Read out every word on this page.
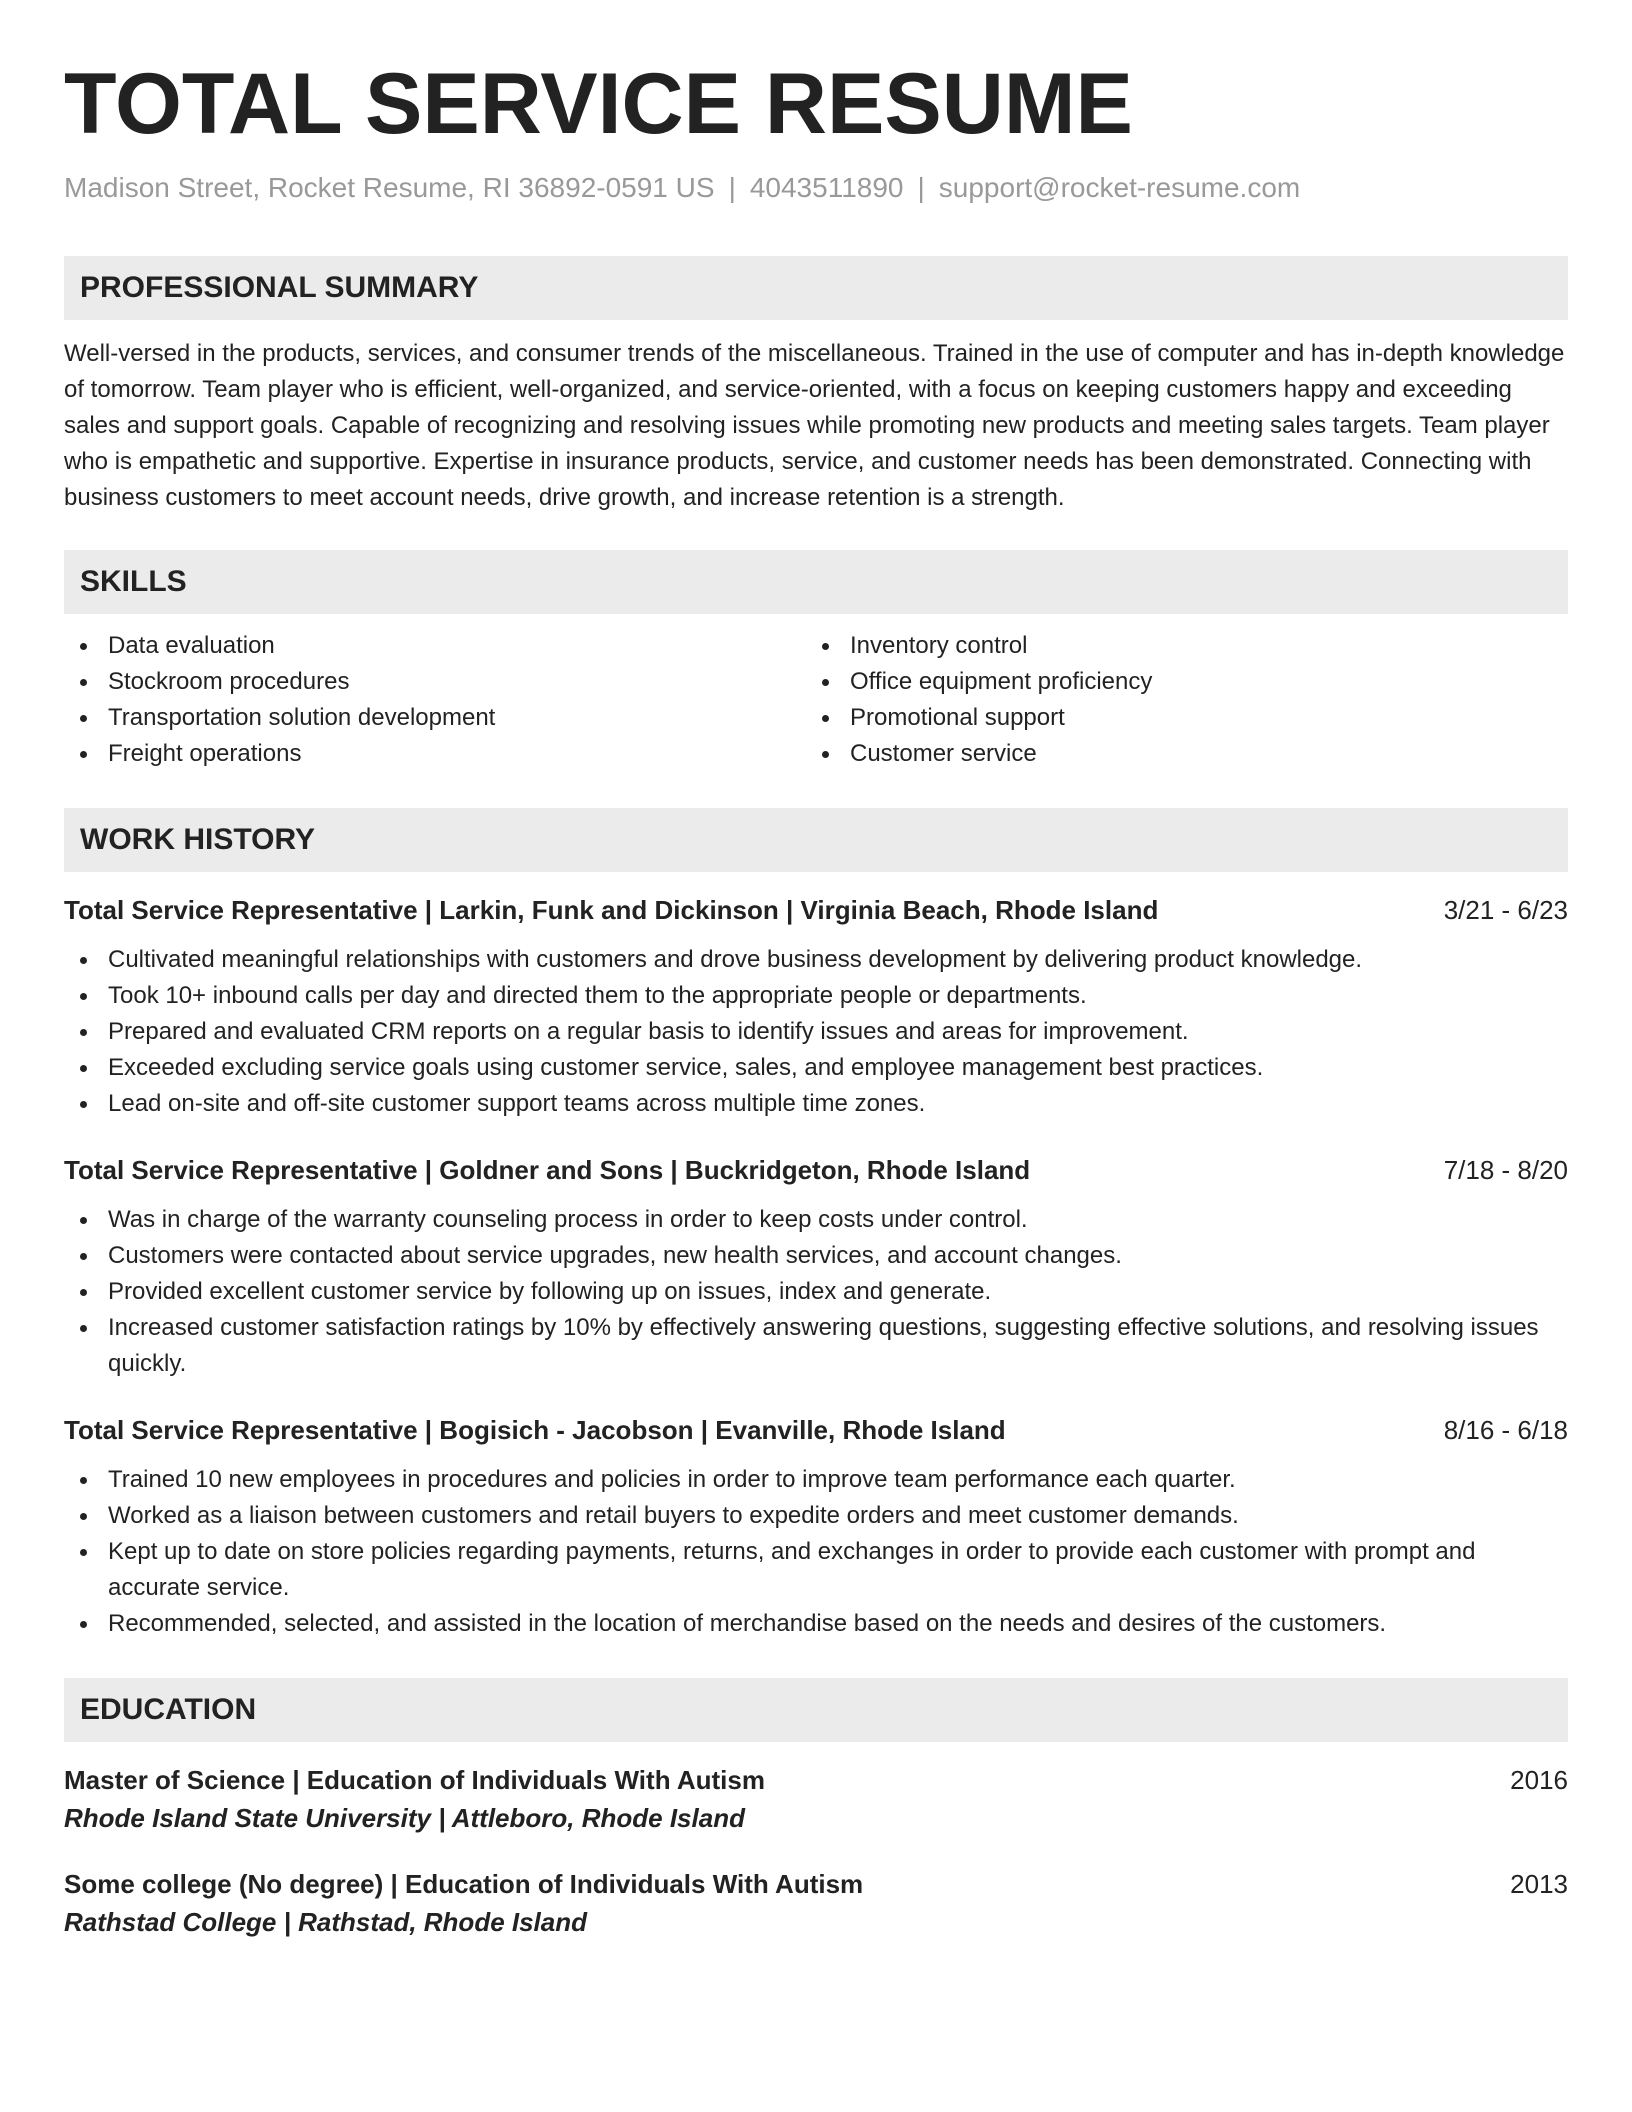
TOTAL SERVICE RESUME
Madison Street, Rocket Resume, RI 36892-0591 US | 4043511890 | support@rocket-resume.com
PROFESSIONAL SUMMARY
Well-versed in the products, services, and consumer trends of the miscellaneous. Trained in the use of computer and has in-depth knowledge of tomorrow. Team player who is efficient, well-organized, and service-oriented, with a focus on keeping customers happy and exceeding sales and support goals. Capable of recognizing and resolving issues while promoting new products and meeting sales targets. Team player who is empathetic and supportive. Expertise in insurance products, service, and customer needs has been demonstrated. Connecting with business customers to meet account needs, drive growth, and increase retention is a strength.
SKILLS
Data evaluation
Stockroom procedures
Transportation solution development
Freight operations
Inventory control
Office equipment proficiency
Promotional support
Customer service
WORK HISTORY
Total Service Representative | Larkin, Funk and Dickinson | Virginia Beach, Rhode Island	3/21 - 6/23
Cultivated meaningful relationships with customers and drove business development by delivering product knowledge.
Took 10+ inbound calls per day and directed them to the appropriate people or departments.
Prepared and evaluated CRM reports on a regular basis to identify issues and areas for improvement.
Exceeded excluding service goals using customer service, sales, and employee management best practices.
Lead on-site and off-site customer support teams across multiple time zones.
Total Service Representative | Goldner and Sons | Buckridgeton, Rhode Island	7/18 - 8/20
Was in charge of the warranty counseling process in order to keep costs under control.
Customers were contacted about service upgrades, new health services, and account changes.
Provided excellent customer service by following up on issues, index and generate.
Increased customer satisfaction ratings by 10% by effectively answering questions, suggesting effective solutions, and resolving issues quickly.
Total Service Representative | Bogisich - Jacobson | Evanville, Rhode Island	8/16 - 6/18
Trained 10 new employees in procedures and policies in order to improve team performance each quarter.
Worked as a liaison between customers and retail buyers to expedite orders and meet customer demands.
Kept up to date on store policies regarding payments, returns, and exchanges in order to provide each customer with prompt and accurate service.
Recommended, selected, and assisted in the location of merchandise based on the needs and desires of the customers.
EDUCATION
Master of Science | Education of Individuals With Autism	2016
Rhode Island State University | Attleboro, Rhode Island
Some college (No degree) | Education of Individuals With Autism	2013
Rathstad College | Rathstad, Rhode Island
